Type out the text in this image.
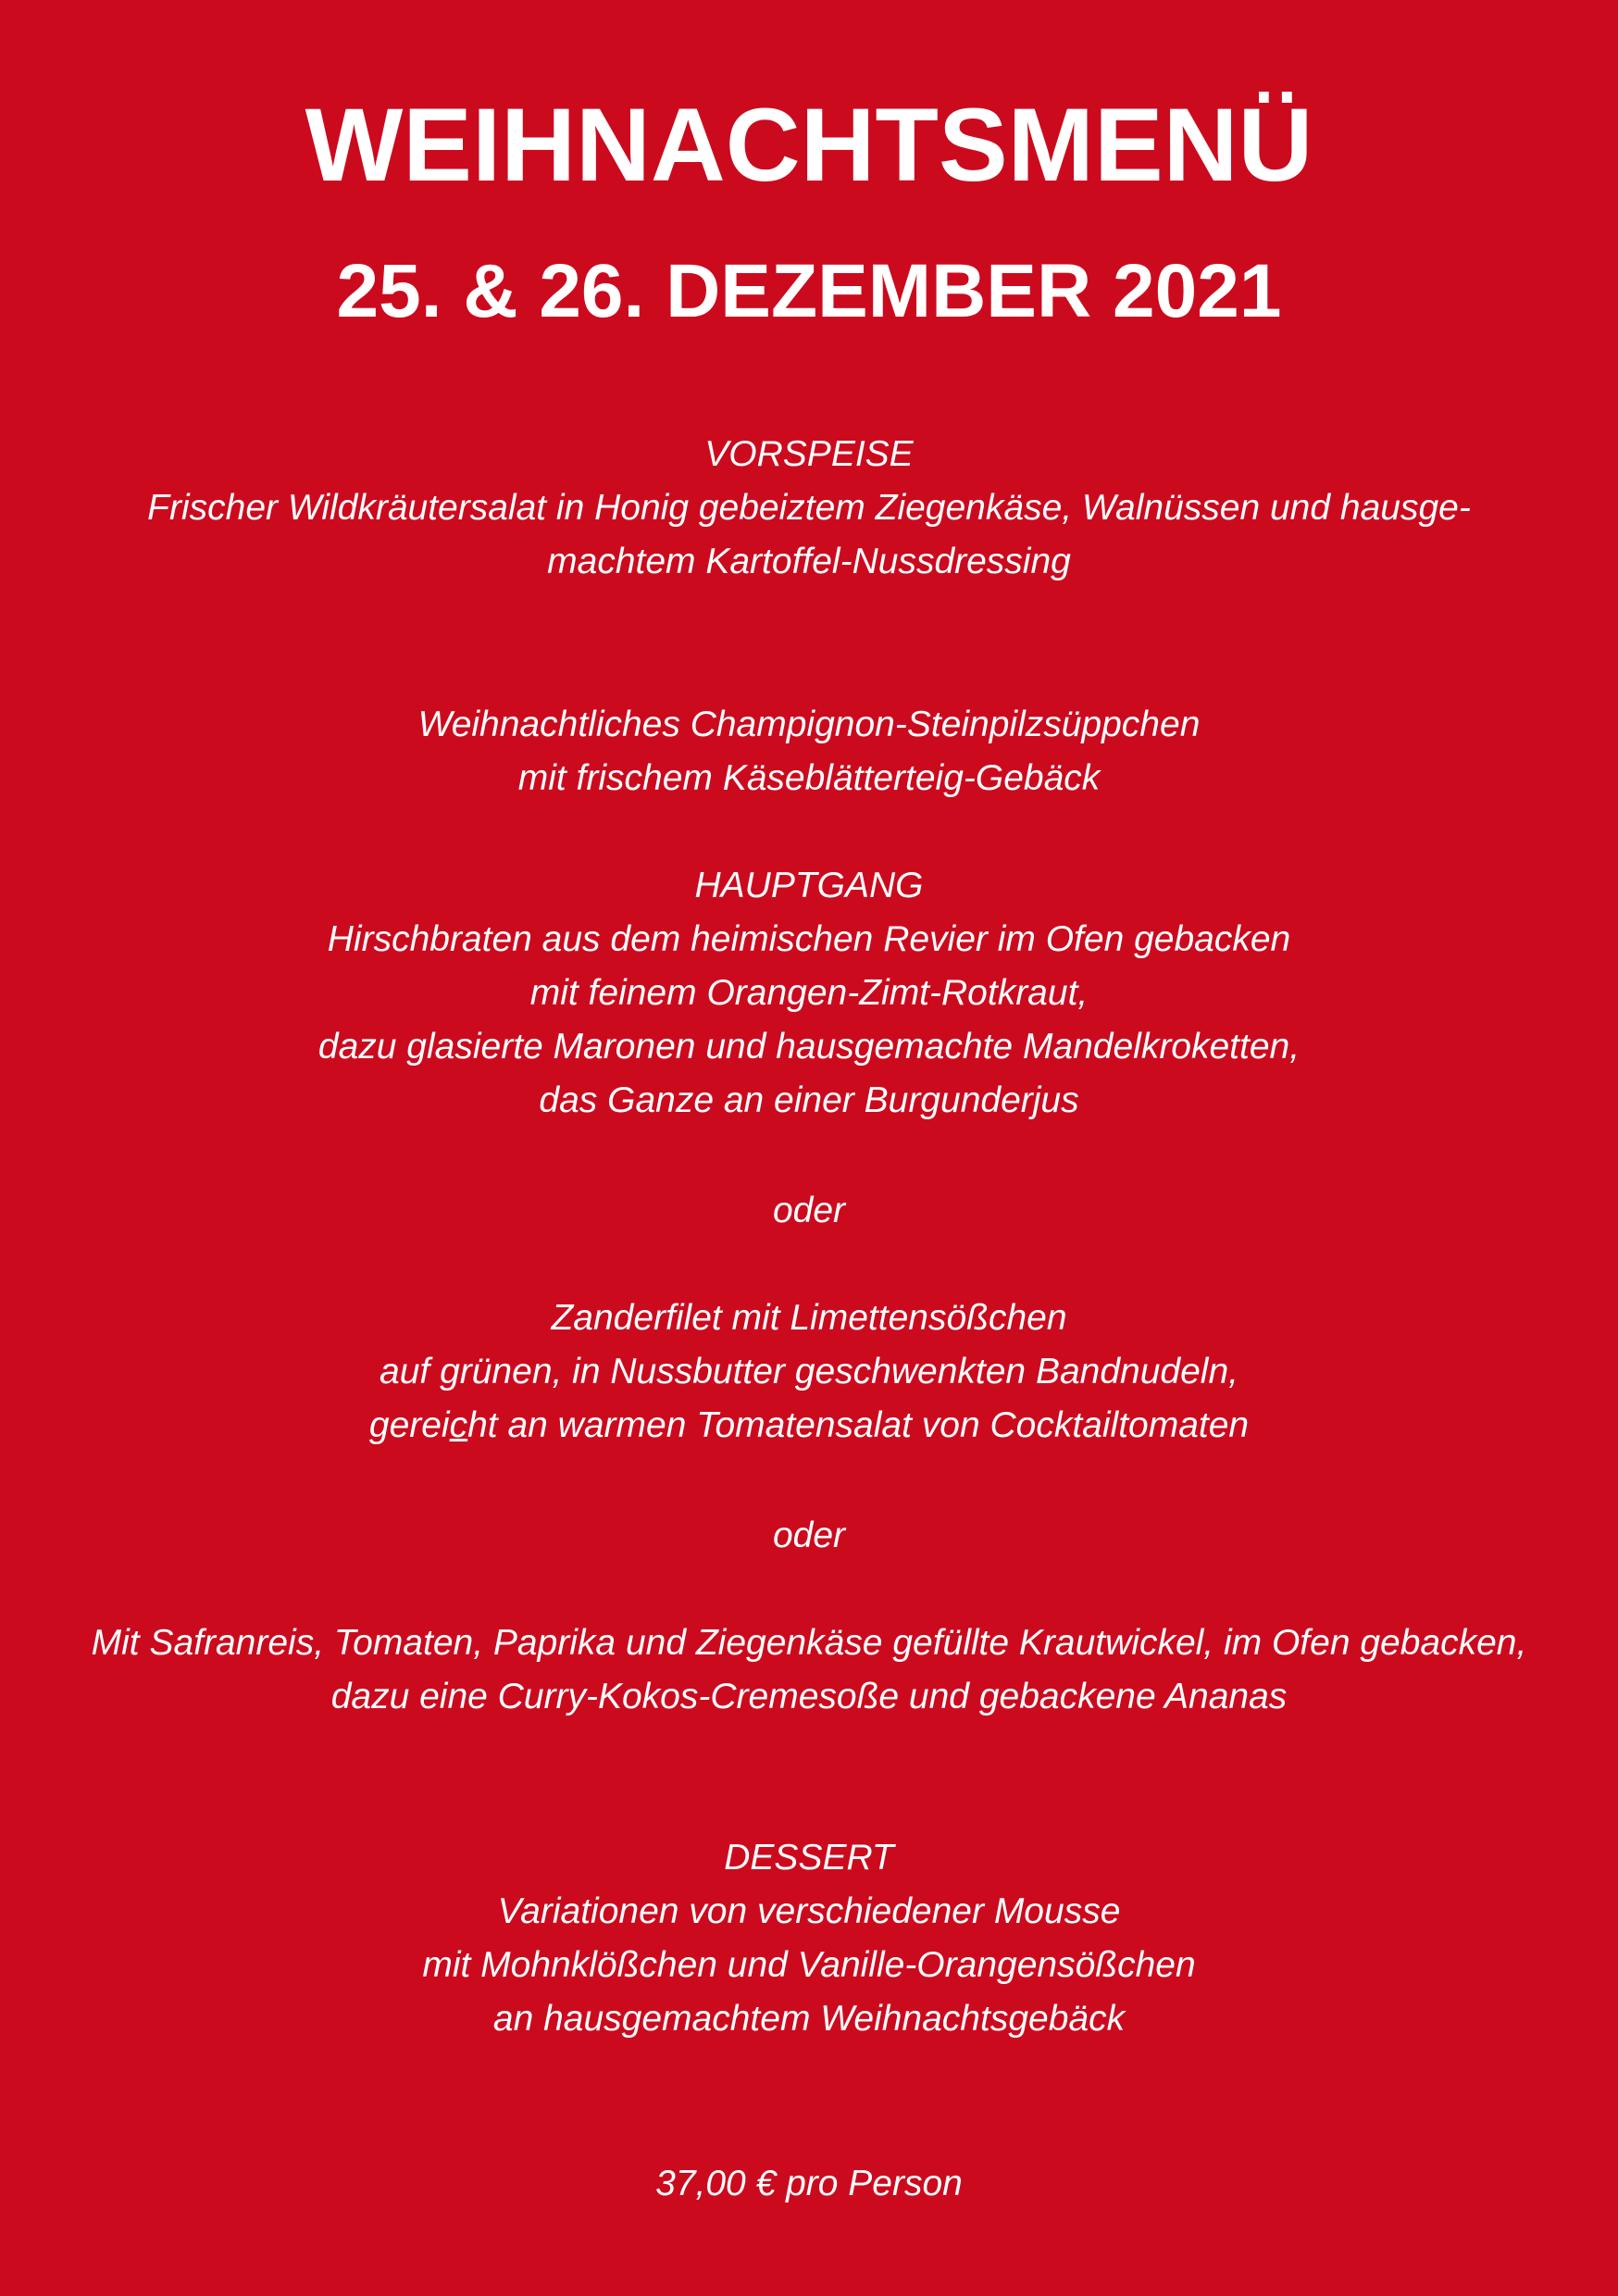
WEIHNACHTSMENÜ
25. & 26. DEZEMBER 2021
VORSPEISE
Frischer Wildkräutersalat in Honig gebeiztem Ziegenkäse, Walnüssen und hausge-
machtem Kartoffel-Nussdressing
Weihnachtliches Champignon-Steinpilzsüppchen
mit frischem Käseblätterteig-Gebäck
HAUPTGANG
Hirschbraten aus dem heimischen Revier im Ofen gebacken
mit feinem Orangen-Zimt-Rotkraut,
dazu glasierte Maronen und hausgemachte Mandelkroketten,
das Ganze an einer Burgunderjus
oder
Zanderfilet mit Limettensößchen
auf grünen, in Nussbutter geschwenkten Bandnudeln,
gereicht an warmen Tomatensalat von Cocktailtomaten
oder
Mit Safranreis, Tomaten, Paprika und Ziegenkäse gefüllte Krautwickel, im Ofen gebacken,
dazu eine Curry-Kokos-Cremesoße und gebackene Ananas
DESSERT
Variationen von verschiedener Mousse
mit Mohnklößchen und Vanille-Orangensößchen
an hausgemachtem Weihnachtsgebäck
37,00 € pro Person
